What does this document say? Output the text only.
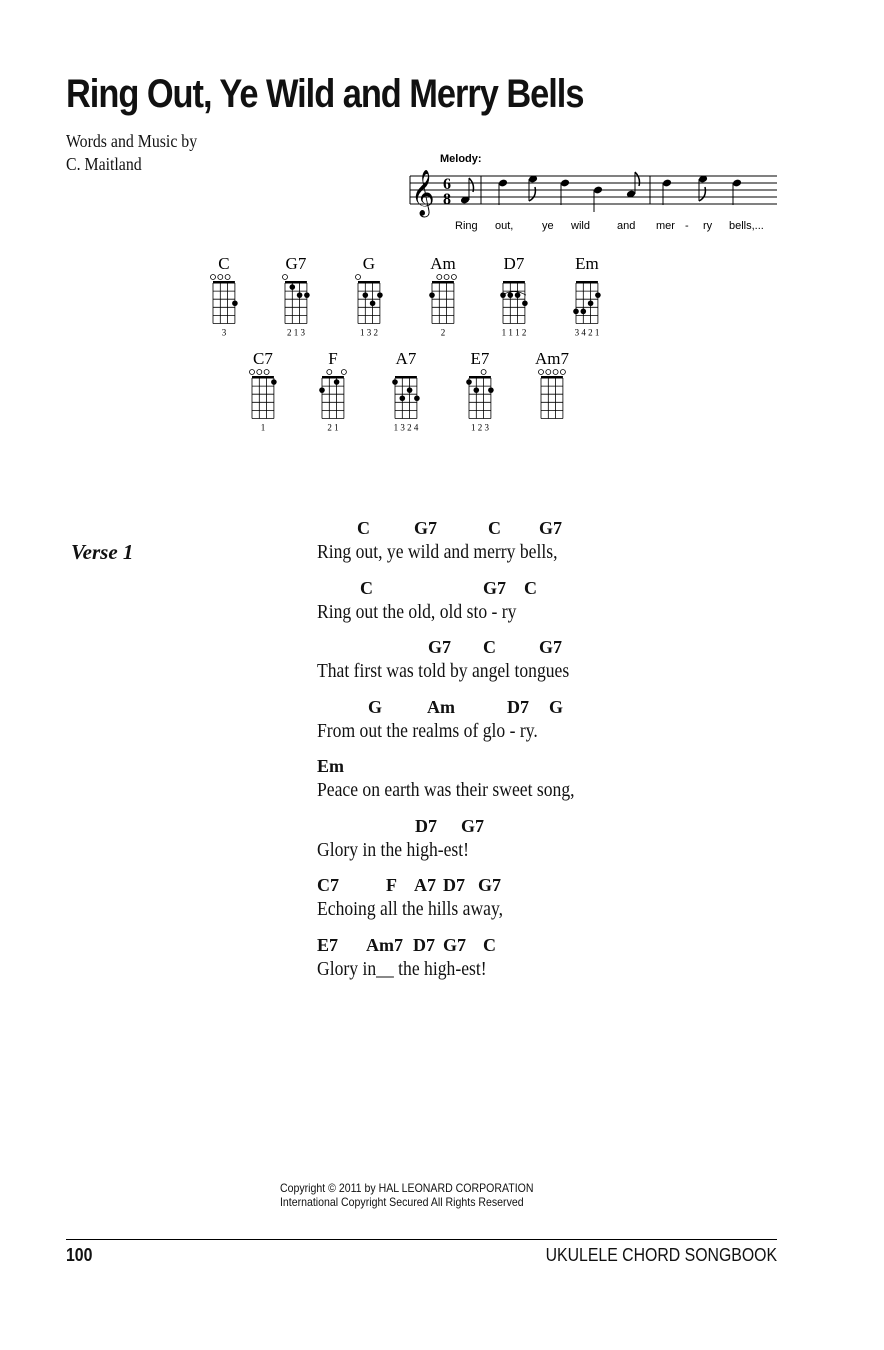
Ring Out, Ye Wild and Merry Bells
Words and Music by
C. Maitland	Melody:
𝄞 6
8
Ring out,	ye wild and mer - ry bells,...
C
3
G7
2 1 3
G
1 3 2
Am
2
D7
1 1 1 2
Em
3 4 2 1
C7
1
F
2 1
A7
1 3 2 4
E7
1 2 3
Am7
Verse 1
C G7	C G7
Ring out, ye wild and merry bells,
C	G7 C
Ring out the old, old sto - ry
G7 C G7
That first was told by angel tongues
G Am	D7 G
From out the realms of glo - ry.
Em
Peace on earth was their sweet song,
D7 G7
Glory in the high-est!
C7	F A7 D7 G7
Echoing all the hills away,
E7 Am7 D7 G7 C
Glory in__ the high-est!
Copyright © 2011 by HAL LEONARD CORPORATION
International Copyright Secured All Rights Reserved
100	UKULELE CHORD SONGBOOK
